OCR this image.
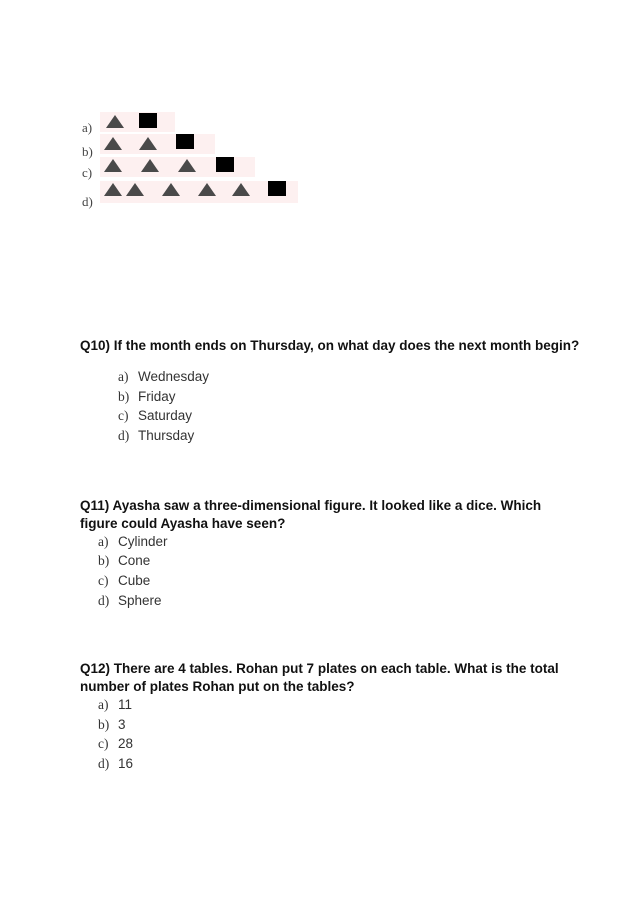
a)
b)
c)
d)
Q10) If the month ends on Thursday, on what day does the next month begin?
a) Wednesday
b) Friday
c) Saturday
d) Thursday
Q11) Ayasha saw a three-dimensional figure. It looked like a dice. Which figure could Ayasha have seen?
a) Cylinder
b) Cone
c) Cube
d) Sphere
Q12) There are 4 tables. Rohan put 7 plates on each table. What is the total number of plates Rohan put on the tables?
a) 11
b) 3
c) 28
d) 16
